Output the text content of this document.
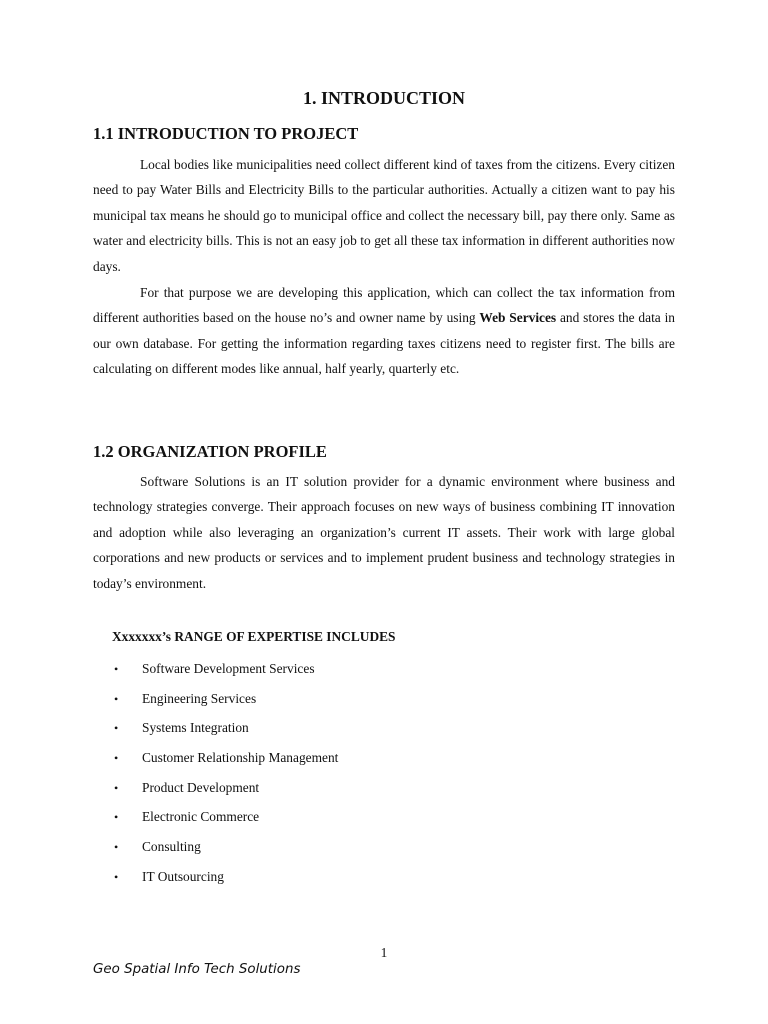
1. INTRODUCTION
1.1 INTRODUCTION TO PROJECT

Local bodies like municipalities need collect different kind of taxes from the citizens. Every citizen need to pay Water Bills and Electricity Bills to the particular authorities. Actually a citizen want to pay his municipal tax means he should go to municipal office and collect the necessary bill, pay there only. Same as water and electricity bills. This is not an easy job to get all these tax information in different authorities now days.

For that purpose we are developing this application, which can collect the tax information from different authorities based on the house no’s and owner name by using Web Services and stores the data in our own database. For getting the information regarding taxes citizens need to register first. The bills are calculating on different modes like annual, half yearly, quarterly etc.

1.2 ORGANIZATION PROFILE

Software Solutions is an IT solution provider for a dynamic environment where business and technology strategies converge. Their approach focuses on new ways of business combining IT innovation and adoption while also leveraging an organization’s current IT assets. Their work with large global corporations and new products or services and to implement prudent business and technology strategies in today’s environment.

Xxxxxxx’s RANGE OF EXPERTISE INCLUDES
•	Software Development Services
•	Engineering Services
•	Systems Integration
•	Customer Relationship Management
•	Product Development
•	Electronic Commerce
•	Consulting
•	IT Outsourcing

1

Geo Spatial Info Tech Solutions
